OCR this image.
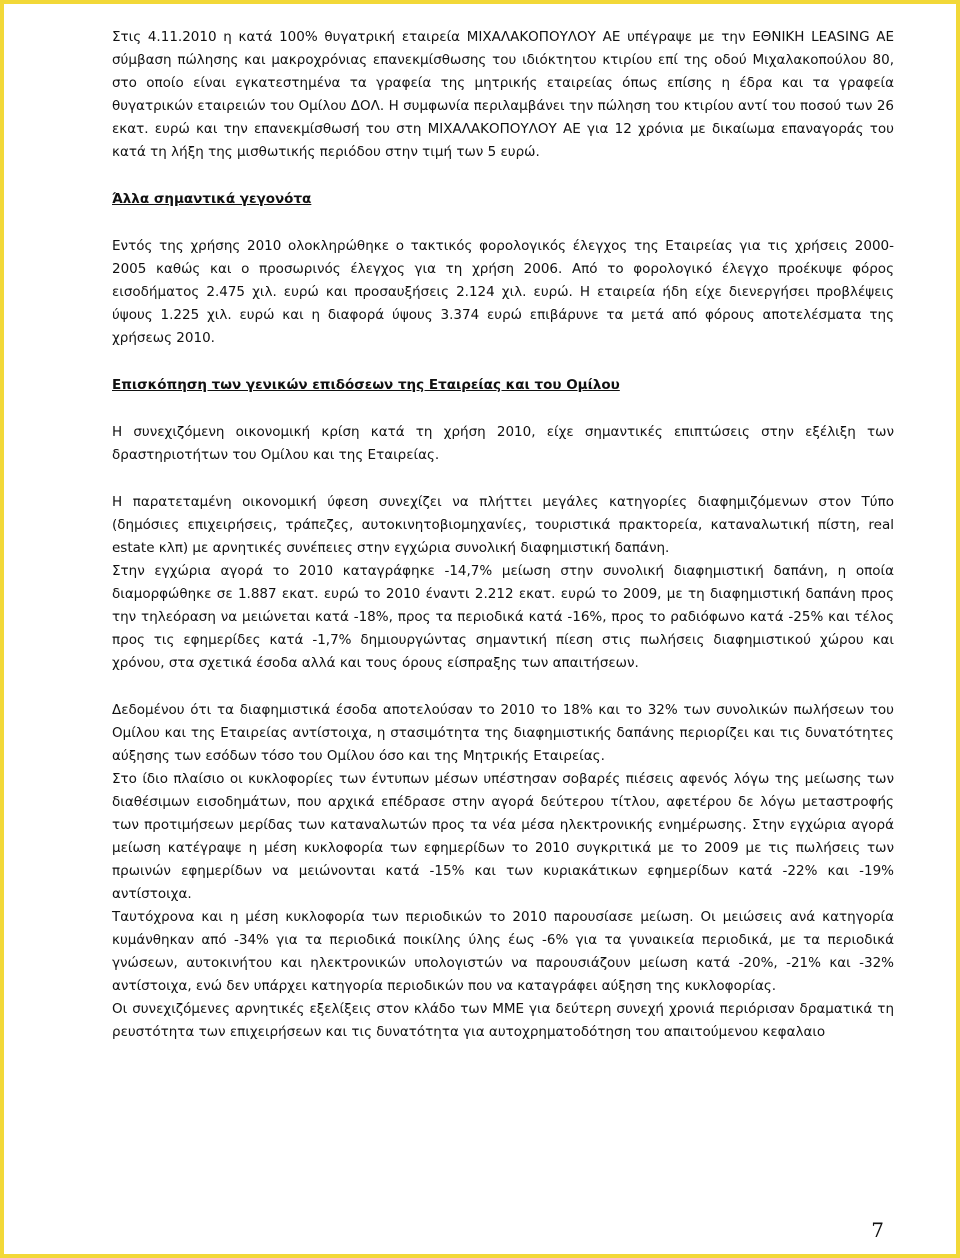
Στις 4.11.2010 η κατά 100% θυγατρική εταιρεία ΜΙΧΑΛΑΚΟΠΟΥΛΟΥ ΑΕ υπέγραψε με την ΕΘΝΙΚΗ LEASING AE σύμβαση πώλησης και μακροχρόνιας επανεκμίσθωσης του ιδιόκτητου κτιρίου επί της οδού Μιχαλακοπούλου 80, στο οποίο είναι εγκατεστημένα τα γραφεία της μητρικής εταιρείας όπως επίσης η έδρα και τα γραφεία θυγατρικών εταιρειών του Ομίλου ΔΟΛ. Η συμφωνία περιλαμβάνει την πώληση του κτιρίου αντί του ποσού των 26 εκατ. ευρώ και την επανεκμίσθωσή του στη ΜΙΧΑΛΑΚΟΠΟΥΛΟΥ ΑΕ για 12 χρόνια με δικαίωμα επαναγοράς του κατά τη λήξη της μισθωτικής περιόδου στην τιμή των 5 ευρώ.

Άλλα σημαντικά γεγονότα

Εντός της χρήσης 2010 ολοκληρώθηκε ο τακτικός φορολογικός έλεγχος της Εταιρείας για τις χρήσεις 2000-2005 καθώς και ο προσωρινός έλεγχος για τη χρήση 2006. Από το φορολογικό έλεγχο προέκυψε φόρος εισοδήματος 2.475 χιλ. ευρώ και προσαυξήσεις 2.124 χιλ. ευρώ. Η εταιρεία ήδη είχε διενεργήσει προβλέψεις ύψους 1.225 χιλ. ευρώ και η διαφορά ύψους 3.374 ευρώ επιβάρυνε τα μετά από φόρους αποτελέσματα της χρήσεως 2010.

Επισκόπηση των γενικών επιδόσεων της Εταιρείας και του Ομίλου

Η συνεχιζόμενη οικονομική κρίση κατά τη χρήση 2010, είχε σημαντικές επιπτώσεις στην εξέλιξη των δραστηριοτήτων του Ομίλου και της Εταιρείας.

Η παρατεταμένη οικονομική ύφεση συνεχίζει να πλήττει μεγάλες κατηγορίες διαφημιζόμενων στον Τύπο (δημόσιες επιχειρήσεις, τράπεζες, αυτοκινητοβιομηχανίες, τουριστικά πρακτορεία, καταναλωτική πίστη, real estate κλπ) με αρνητικές συνέπειες στην εγχώρια συνολική διαφημιστική δαπάνη.

Στην εγχώρια αγορά το 2010 καταγράφηκε -14,7% μείωση στην συνολική διαφημιστική δαπάνη, η οποία διαμορφώθηκε σε 1.887 εκατ. ευρώ το 2010 έναντι 2.212 εκατ. ευρώ το 2009, με τη διαφημιστική δαπάνη προς την τηλεόραση να μειώνεται κατά -18%, προς τα περιοδικά κατά -16%, προς το ραδιόφωνο κατά -25% και τέλος προς τις εφημερίδες κατά -1,7% δημιουργώντας σημαντική πίεση στις πωλήσεις διαφημιστικού χώρου και χρόνου, στα σχετικά έσοδα αλλά και τους όρους είσπραξης των απαιτήσεων.

Δεδομένου ότι τα διαφημιστικά έσοδα αποτελούσαν το 2010 το 18% και το 32% των συνολικών πωλήσεων του Ομίλου και της Εταιρείας αντίστοιχα, η στασιμότητα της διαφημιστικής δαπάνης περιορίζει και τις δυνατότητες αύξησης των εσόδων τόσο του Ομίλου όσο και της Μητρικής Εταιρείας.

Στο ίδιο πλαίσιο οι κυκλοφορίες των έντυπων μέσων υπέστησαν σοβαρές πιέσεις αφενός λόγω της μείωσης των διαθέσιμων εισοδημάτων, που αρχικά επέδρασε στην αγορά δεύτερου τίτλου, αφετέρου δε λόγω μεταστροφής των προτιμήσεων μερίδας των καταναλωτών προς τα νέα μέσα ηλεκτρονικής ενημέρωσης. Στην εγχώρια αγορά μείωση κατέγραψε η μέση κυκλοφορία των εφημερίδων το 2010 συγκριτικά με το 2009 με τις πωλήσεις των πρωινών εφημερίδων να μειώνονται κατά -15% και των κυριακάτικων εφημερίδων κατά -22% και -19% αντίστοιχα.

Ταυτόχρονα και η μέση κυκλοφορία των περιοδικών το 2010 παρουσίασε μείωση. Οι μειώσεις ανά κατηγορία κυμάνθηκαν από -34% για τα περιοδικά ποικίλης ύλης έως -6% για τα γυναικεία περιοδικά, με τα περιοδικά γνώσεων, αυτοκινήτου και ηλεκτρονικών υπολογιστών να παρουσιάζουν μείωση κατά -20%, -21% και -32% αντίστοιχα, ενώ δεν υπάρχει κατηγορία περιοδικών που να καταγράφει αύξηση της κυκλοφορίας.

Οι συνεχιζόμενες αρνητικές εξελίξεις στον κλάδο των ΜΜΕ για δεύτερη συνεχή χρονιά περιόρισαν δραματικά τη ρευστότητα των επιχειρήσεων και τις δυνατότητα για αυτοχρηματοδότηση του απαιτούμενου κεφαλαιο

7
